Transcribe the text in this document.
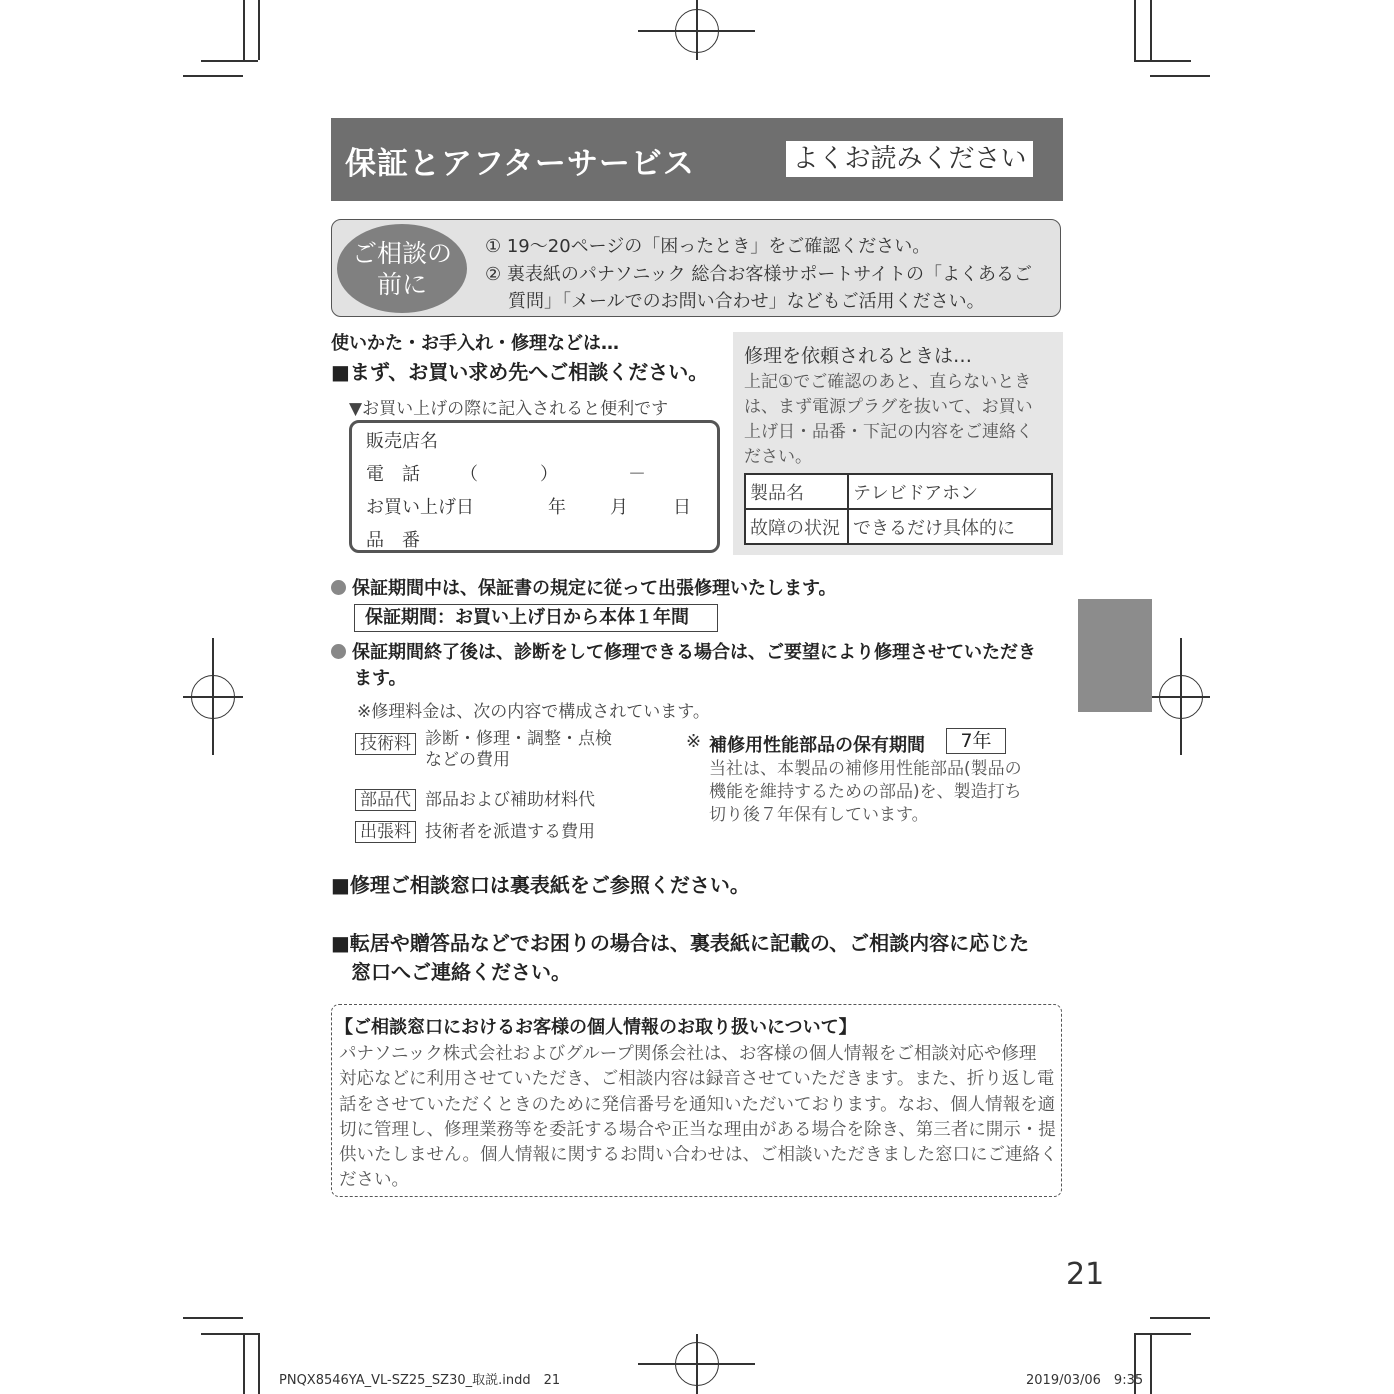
保証とアフターサービス	よくお読みください
ご相談の
前に
① 19～20ページの「困ったとき」をご確認ください。
② 裏表紙のパナソニック 総合お客様サポートサイトの「よくあるご
質問」「メールでのお問い合わせ」などもご活用ください。
使いかた・お手入れ・修理などは…
■まず、お買い求め先へご相談ください。
▼お買い上げの際に記入されると便利です
販売店名
電　話 （	）	－
お買い上げ日	年 月	日
品　番
修理を依頼されるときは…
上記①でご確認のあと、直らないとき
は、まず電源プラグを抜いて、お買い
上げ日・品番・下記の内容をご連絡く
ださい。
製品名	テレビドアホン
故障の状況	できるだけ具体的に
保証期間中は、保証書の規定に従って出張修理いたします。
保証期間：お買い上げ日から本体１年間
保証期間終了後は、診断をして修理できる場合は、ご要望により修理させていただき
ます。
※修理料金は、次の内容で構成されています。
技術料 診断・修理・調整・点検
などの費用
部品代 部品および補助材料代
出張料 技術者を派遣する費用
※ 補修用性能部品の保有期間	7年
当社は、本製品の補修用性能部品(製品の
機能を維持するための部品)を、製造打ち
切り後７年保有しています。
■修理ご相談窓口は裏表紙をご参照ください。
■転居や贈答品などでお困りの場合は、裏表紙に記載の、ご相談内容に応じた
窓口へご連絡ください。
【ご相談窓口におけるお客様の個人情報のお取り扱いについて】
パナソニック株式会社およびグループ関係会社は、お客様の個人情報をご相談対応や修理
対応などに利用させていただき、ご相談内容は録音させていただきます。また、折り返し電
話をさせていただくときのために発信番号を通知いただいております。なお、個人情報を適
切に管理し、修理業務等を委託する場合や正当な理由がある場合を除き、第三者に開示・提
供いたしません。個人情報に関するお問い合わせは、ご相談いただきました窓口にご連絡く
ださい。
21
PNQX8546YA_VL-SZ25_SZ30_取説.indd　21	2019/03/06　9:35
